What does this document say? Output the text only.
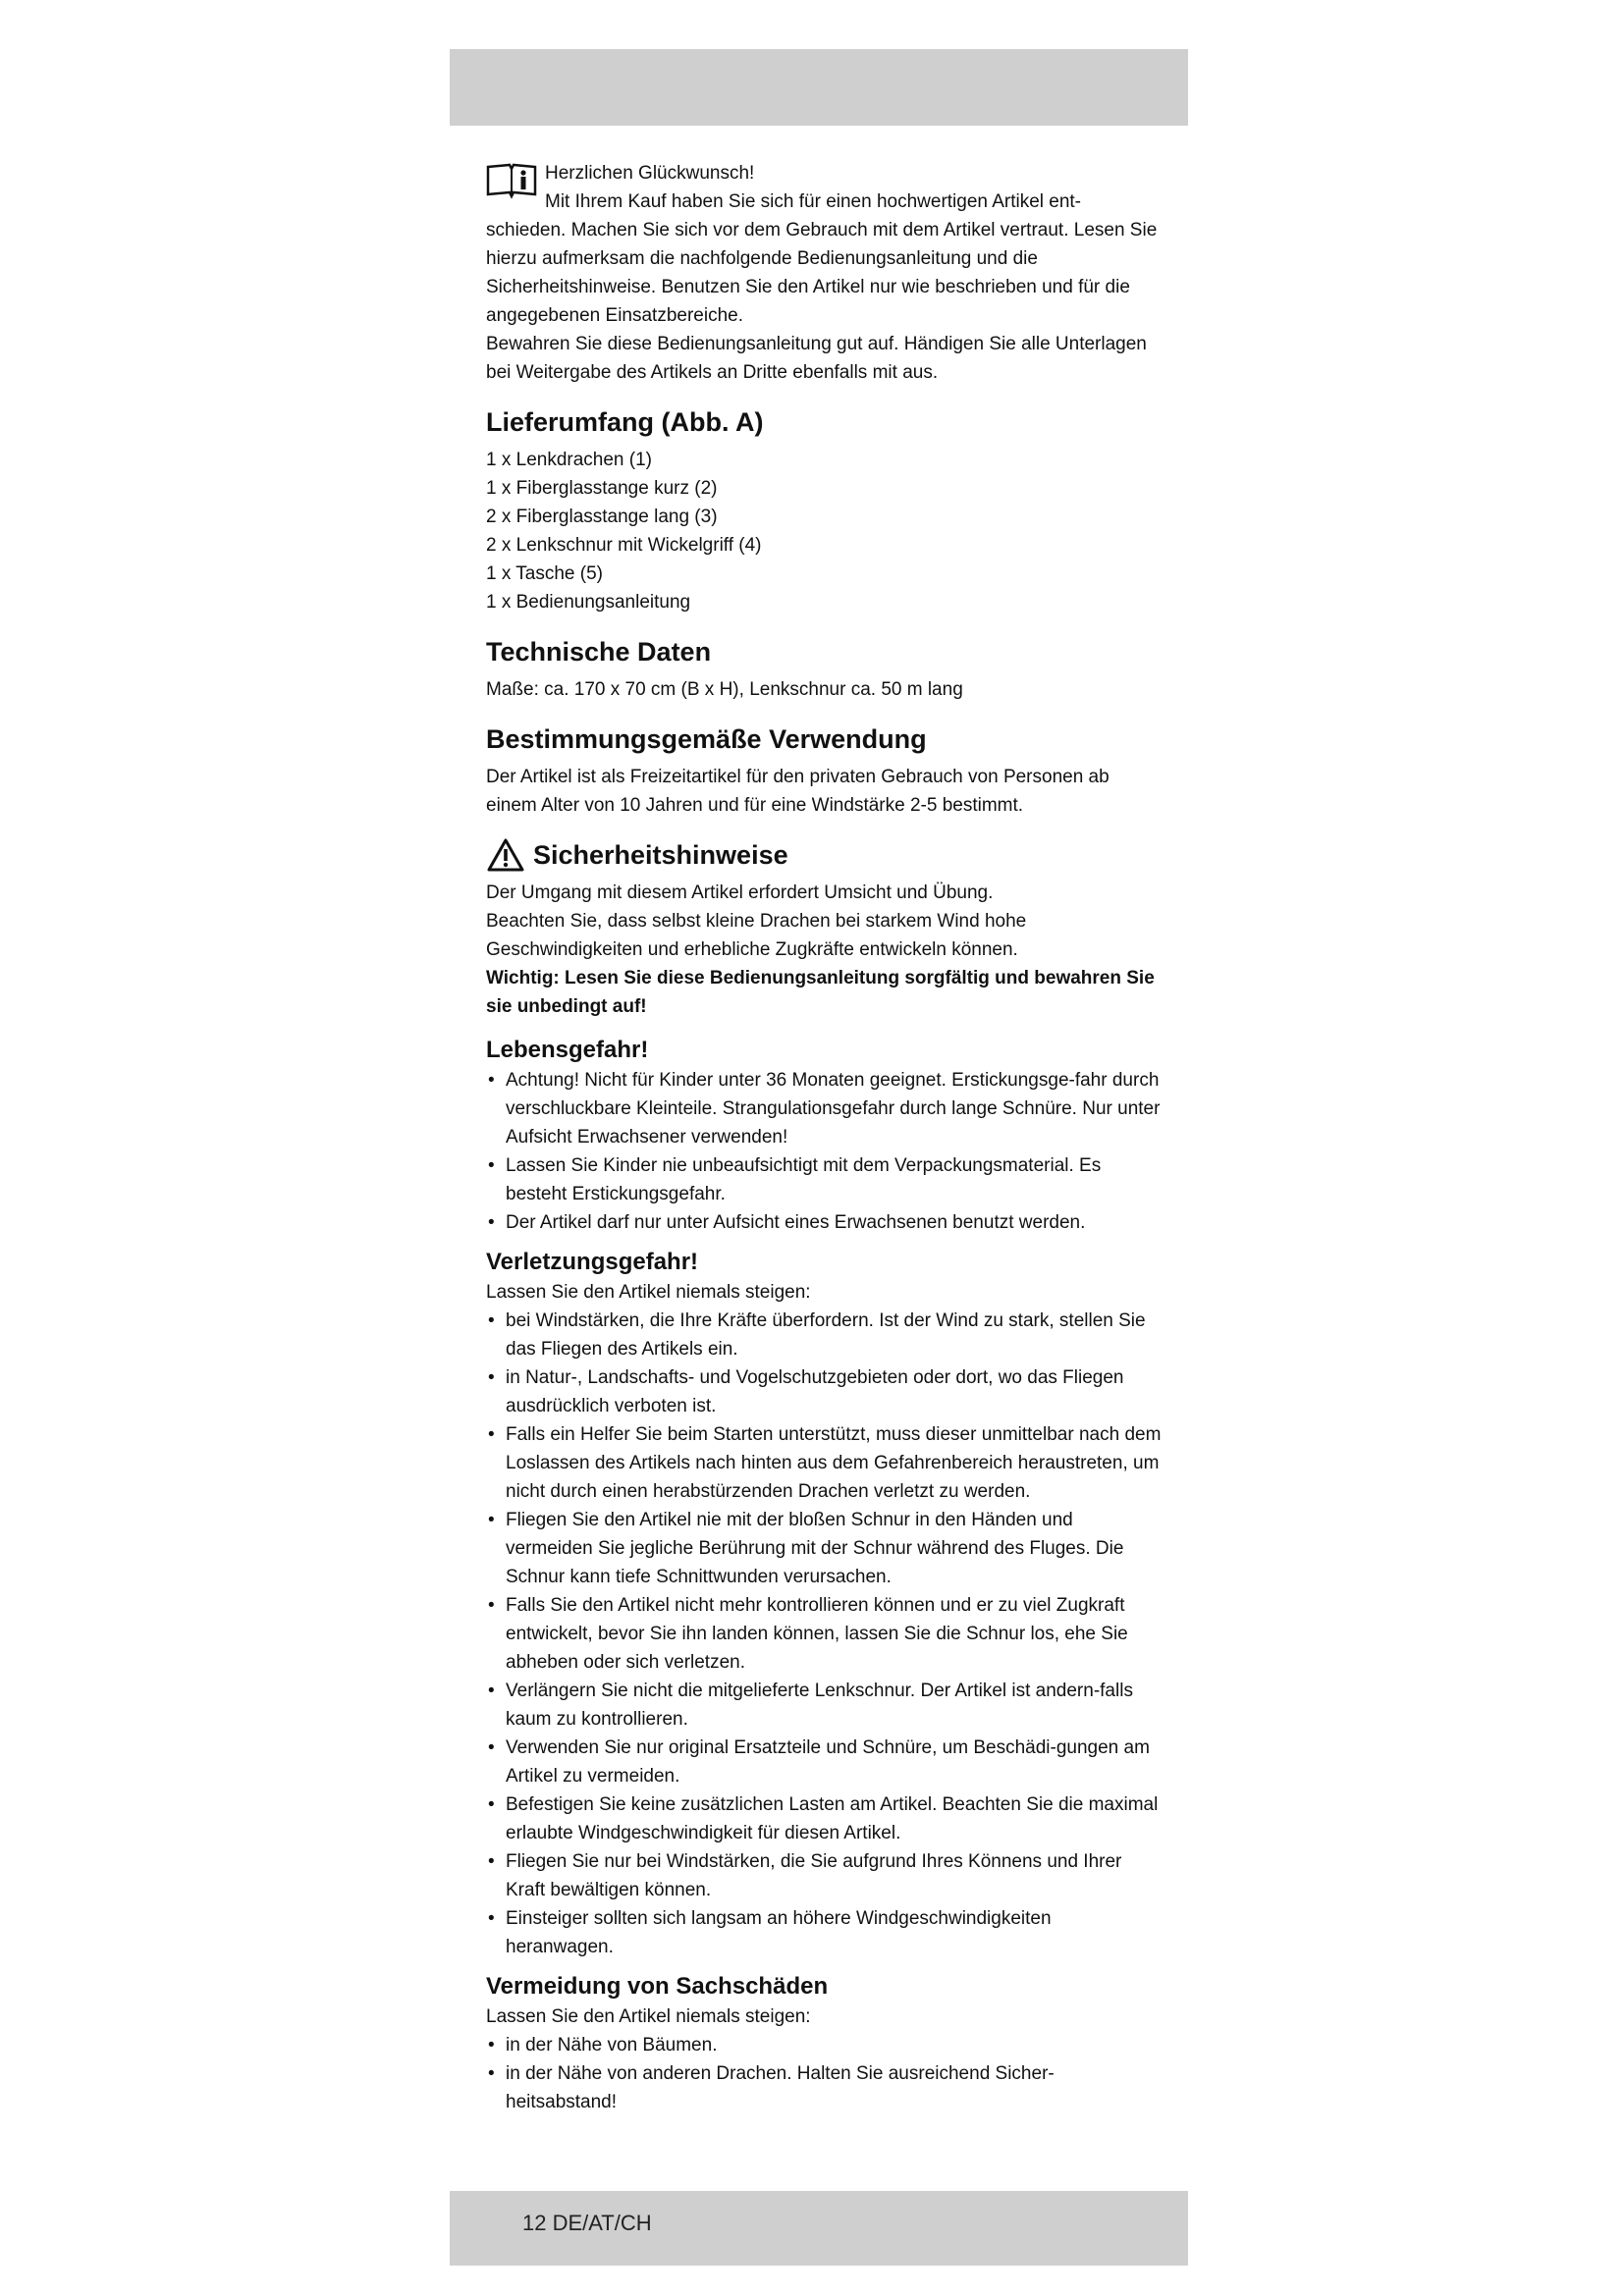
Herzlichen Glückwunsch!

Mit Ihrem Kauf haben Sie sich für einen hochwertigen Artikel ent-

schieden. Machen Sie sich vor dem Gebrauch mit dem Artikel vertraut. Lesen Sie hierzu aufmerksam die nachfolgende Bedienungsanleitung und die Sicherheitshinweise. Benutzen Sie den Artikel nur wie beschrieben und für die angegebenen Einsatzbereiche.

Bewahren Sie diese Bedienungsanleitung gut auf. Händigen Sie alle Unterlagen bei Weitergabe des Artikels an Dritte ebenfalls mit aus.

Lieferumfang (Abb. A)

1 x Lenkdrachen (1)

1 x Fiberglasstange kurz (2)

2 x Fiberglasstange lang (3)

2 x Lenkschnur mit Wickelgriff (4)

1 x Tasche (5)

1 x Bedienungsanleitung

Technische Daten

Maße: ca. 170 x 70 cm (B x H), Lenkschnur ca. 50 m lang

Bestimmungsgemäße Verwendung

Der Artikel ist als Freizeitartikel für den privaten Gebrauch von Personen ab einem Alter von 10 Jahren und für eine Windstärke 2-5 bestimmt.

Sicherheitshinweise

Der Umgang mit diesem Artikel erfordert Umsicht und Übung.

Beachten Sie, dass selbst kleine Drachen bei starkem Wind hohe Geschwindigkeiten und erhebliche Zugkräfte entwickeln können.

Wichtig: Lesen Sie diese Bedienungsanleitung sorgfältig und bewahren Sie sie unbedingt auf!

Lebensgefahr!
• Achtung! Nicht für Kinder unter 36 Monaten geeignet. Erstickungsge-fahr durch verschluckbare Kleinteile. Strangulationsgefahr durch lange Schnüre. Nur unter Aufsicht Erwachsener verwenden!
• Lassen Sie Kinder nie unbeaufsichtigt mit dem Verpackungsmaterial. Es besteht Erstickungsgefahr.
• Der Artikel darf nur unter Aufsicht eines Erwachsenen benutzt werden.
Verletzungsgefahr!

Lassen Sie den Artikel niemals steigen:

• bei Windstärken, die Ihre Kräfte überfordern. Ist der Wind zu stark, stellen Sie das Fliegen des Artikels ein.
• in Natur-, Landschafts- und Vogelschutzgebieten oder dort, wo das Fliegen ausdrücklich verboten ist.
• Falls ein Helfer Sie beim Starten unterstützt, muss dieser unmittelbar nach dem Loslassen des Artikels nach hinten aus dem Gefahrenbereich heraustreten, um nicht durch einen herabstürzenden Drachen verletzt zu werden.
• Fliegen Sie den Artikel nie mit der bloßen Schnur in den Händen und vermeiden Sie jegliche Berührung mit der Schnur während des Fluges. Die Schnur kann tiefe Schnittwunden verursachen.
• Falls Sie den Artikel nicht mehr kontrollieren können und er zu viel Zugkraft entwickelt, bevor Sie ihn landen können, lassen Sie die Schnur los, ehe Sie abheben oder sich verletzen.
• Verlängern Sie nicht die mitgelieferte Lenkschnur. Der Artikel ist andern-falls kaum zu kontrollieren.
• Verwenden Sie nur original Ersatzteile und Schnüre, um Beschädi-gungen am Artikel zu vermeiden.
• Befestigen Sie keine zusätzlichen Lasten am Artikel. Beachten Sie die maximal erlaubte Windgeschwindigkeit für diesen Artikel.
• Fliegen Sie nur bei Windstärken, die Sie aufgrund Ihres Könnens und Ihrer Kraft bewältigen können.
• Einsteiger sollten sich langsam an höhere Windgeschwindigkeiten heranwagen.
Vermeidung von Sachschäden

Lassen Sie den Artikel niemals steigen:

• in der Nähe von Bäumen.
• in der Nähe von anderen Drachen. Halten Sie ausreichend Sicher-heitsabstand!
12 DE/AT/CH
